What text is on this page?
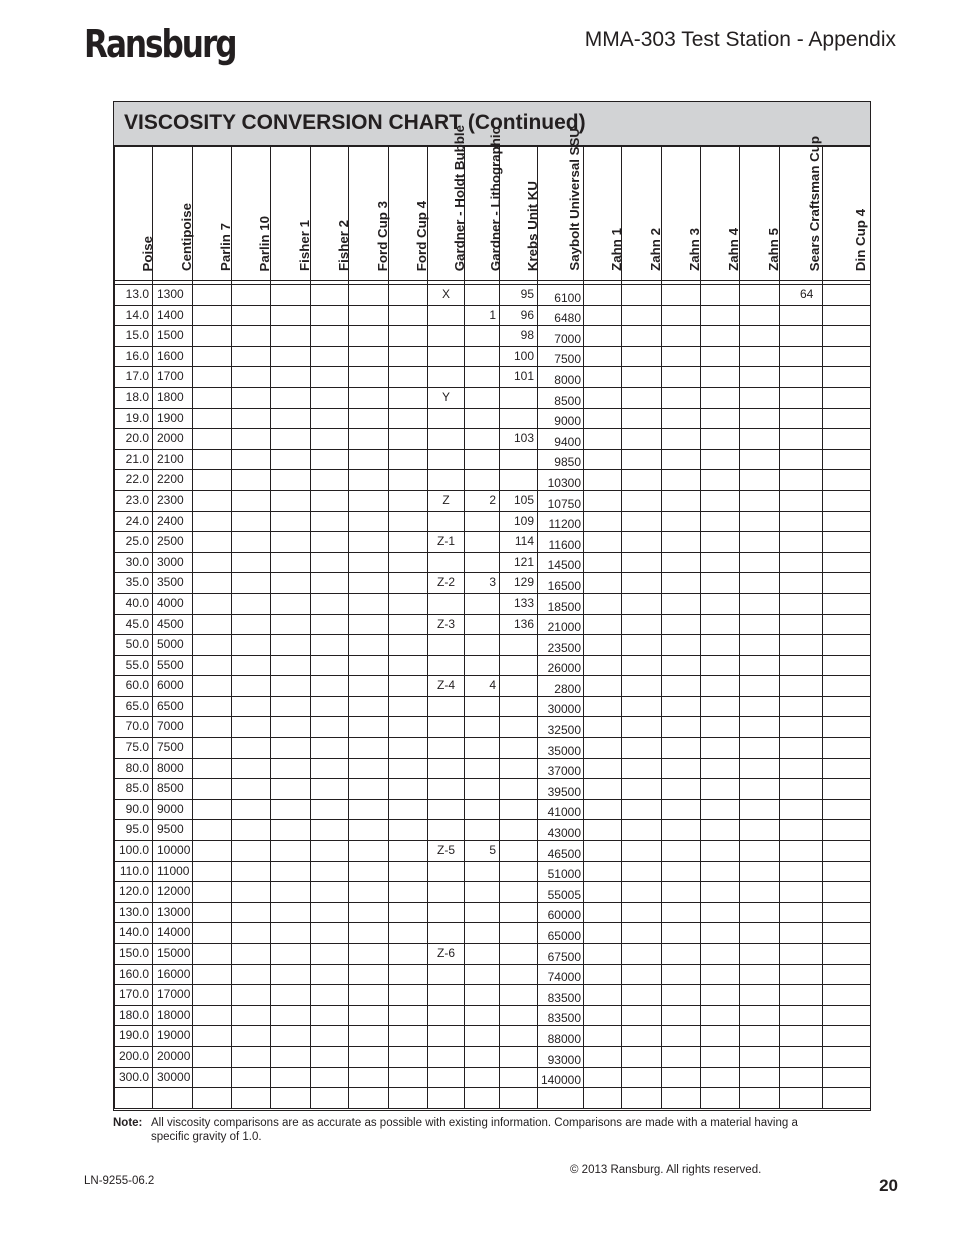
Ransburg	MMA-303 Test Station - Appendix
VISCOSITY CONVERSION CHART (Continued)
Poise	Centipoise	Parlin 7	Parlin 10	Fisher 1	Fisher 2	Ford Cup 3	Ford Cup 4	Gardner - Holdt Bubble	Gardner - Lithographic	Krebs Unit KU	Saybolt Universal SSU	Zahn 1	Zahn 2	Zahn 3	Zahn 4	Zahn 5	Sears Craftsman Cup	Din Cup 4

13.0	1300							X		95	6100						64	
14.0	1400								1	96	6480							
15.0	1500									98	7000							
16.0	1600									100	7500							
17.0	1700									101	8000							
18.0	1800							Y			8500							
19.0	1900										9000							
20.0	2000									103	9400							
21.0	2100										9850							
22.0	2200										10300							
23.0	2300							Z	2	105	10750							
24.0	2400									109	11200							
25.0	2500							Z-1		114	11600							
30.0	3000									121	14500							
35.0	3500							Z-2	3	129	16500							
40.0	4000									133	18500							
45.0	4500							Z-3		136	21000							
50.0	5000										23500							
55.0	5500										26000							
60.0	6000							Z-4	4		2800							
65.0	6500										30000							
70.0	7000										32500							
75.0	7500										35000							
80.0	8000										37000							
85.0	8500										39500							
90.0	9000										41000							
95.0	9500										43000							
100.0	10000							Z-5	5		46500							
110.0	11000										51000							
120.0	12000										55005							
130.0	13000										60000							
140.0	14000										65000							
150.0	15000							Z-6			67500							
160.0	16000										74000							
170.0	17000										83500							
180.0	18000										83500							
190.0	19000										88000							
200.0	20000										93000							
300.0	30000										140000							

Note: All viscosity comparisons are as accurate as possible with existing information. Comparisons are made with a material having a specific gravity of 1.0.
© 2013 Ransburg. All rights reserved.
LN-9255-06.2	20
